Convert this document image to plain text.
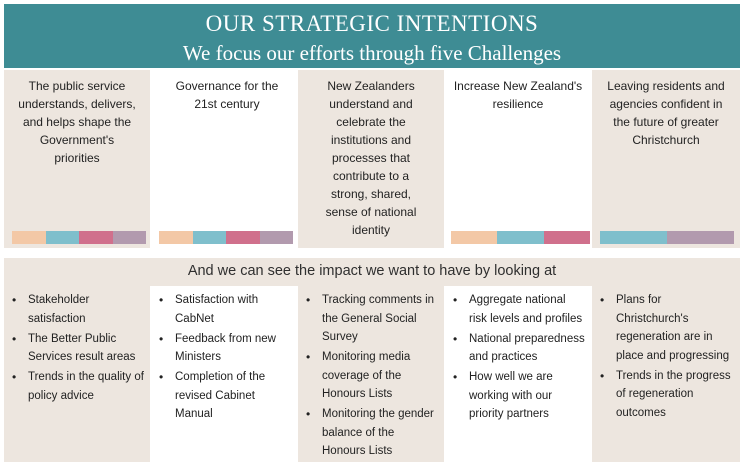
OUR STRATEGIC INTENTIONS
We focus our efforts through five Challenges
The public service understands, delivers, and helps shape the Government's priorities
Governance for the 21st century
New Zealanders understand and celebrate the institutions and processes that contribute to a strong, shared, sense of national identity
Increase New Zealand's resilience
Leaving residents and agencies confident in the future of greater Christchurch
And we can see the impact we want to have by looking at
• Stakeholder satisfaction
• The Better Public Services result areas
• Trends in the quality of policy advice
• Satisfaction with CabNet
• Feedback from new Ministers
• Completion of the revised Cabinet Manual
• Tracking comments in the General Social Survey
• Monitoring media coverage of the Honours Lists
• Monitoring the gender balance of the Honours Lists
• Aggregate national risk levels and profiles
• National preparedness and practices
• How well we are working with our priority partners
• Plans for Christchurch's regeneration are in place and progressing
• Trends in the progress of regeneration outcomes
